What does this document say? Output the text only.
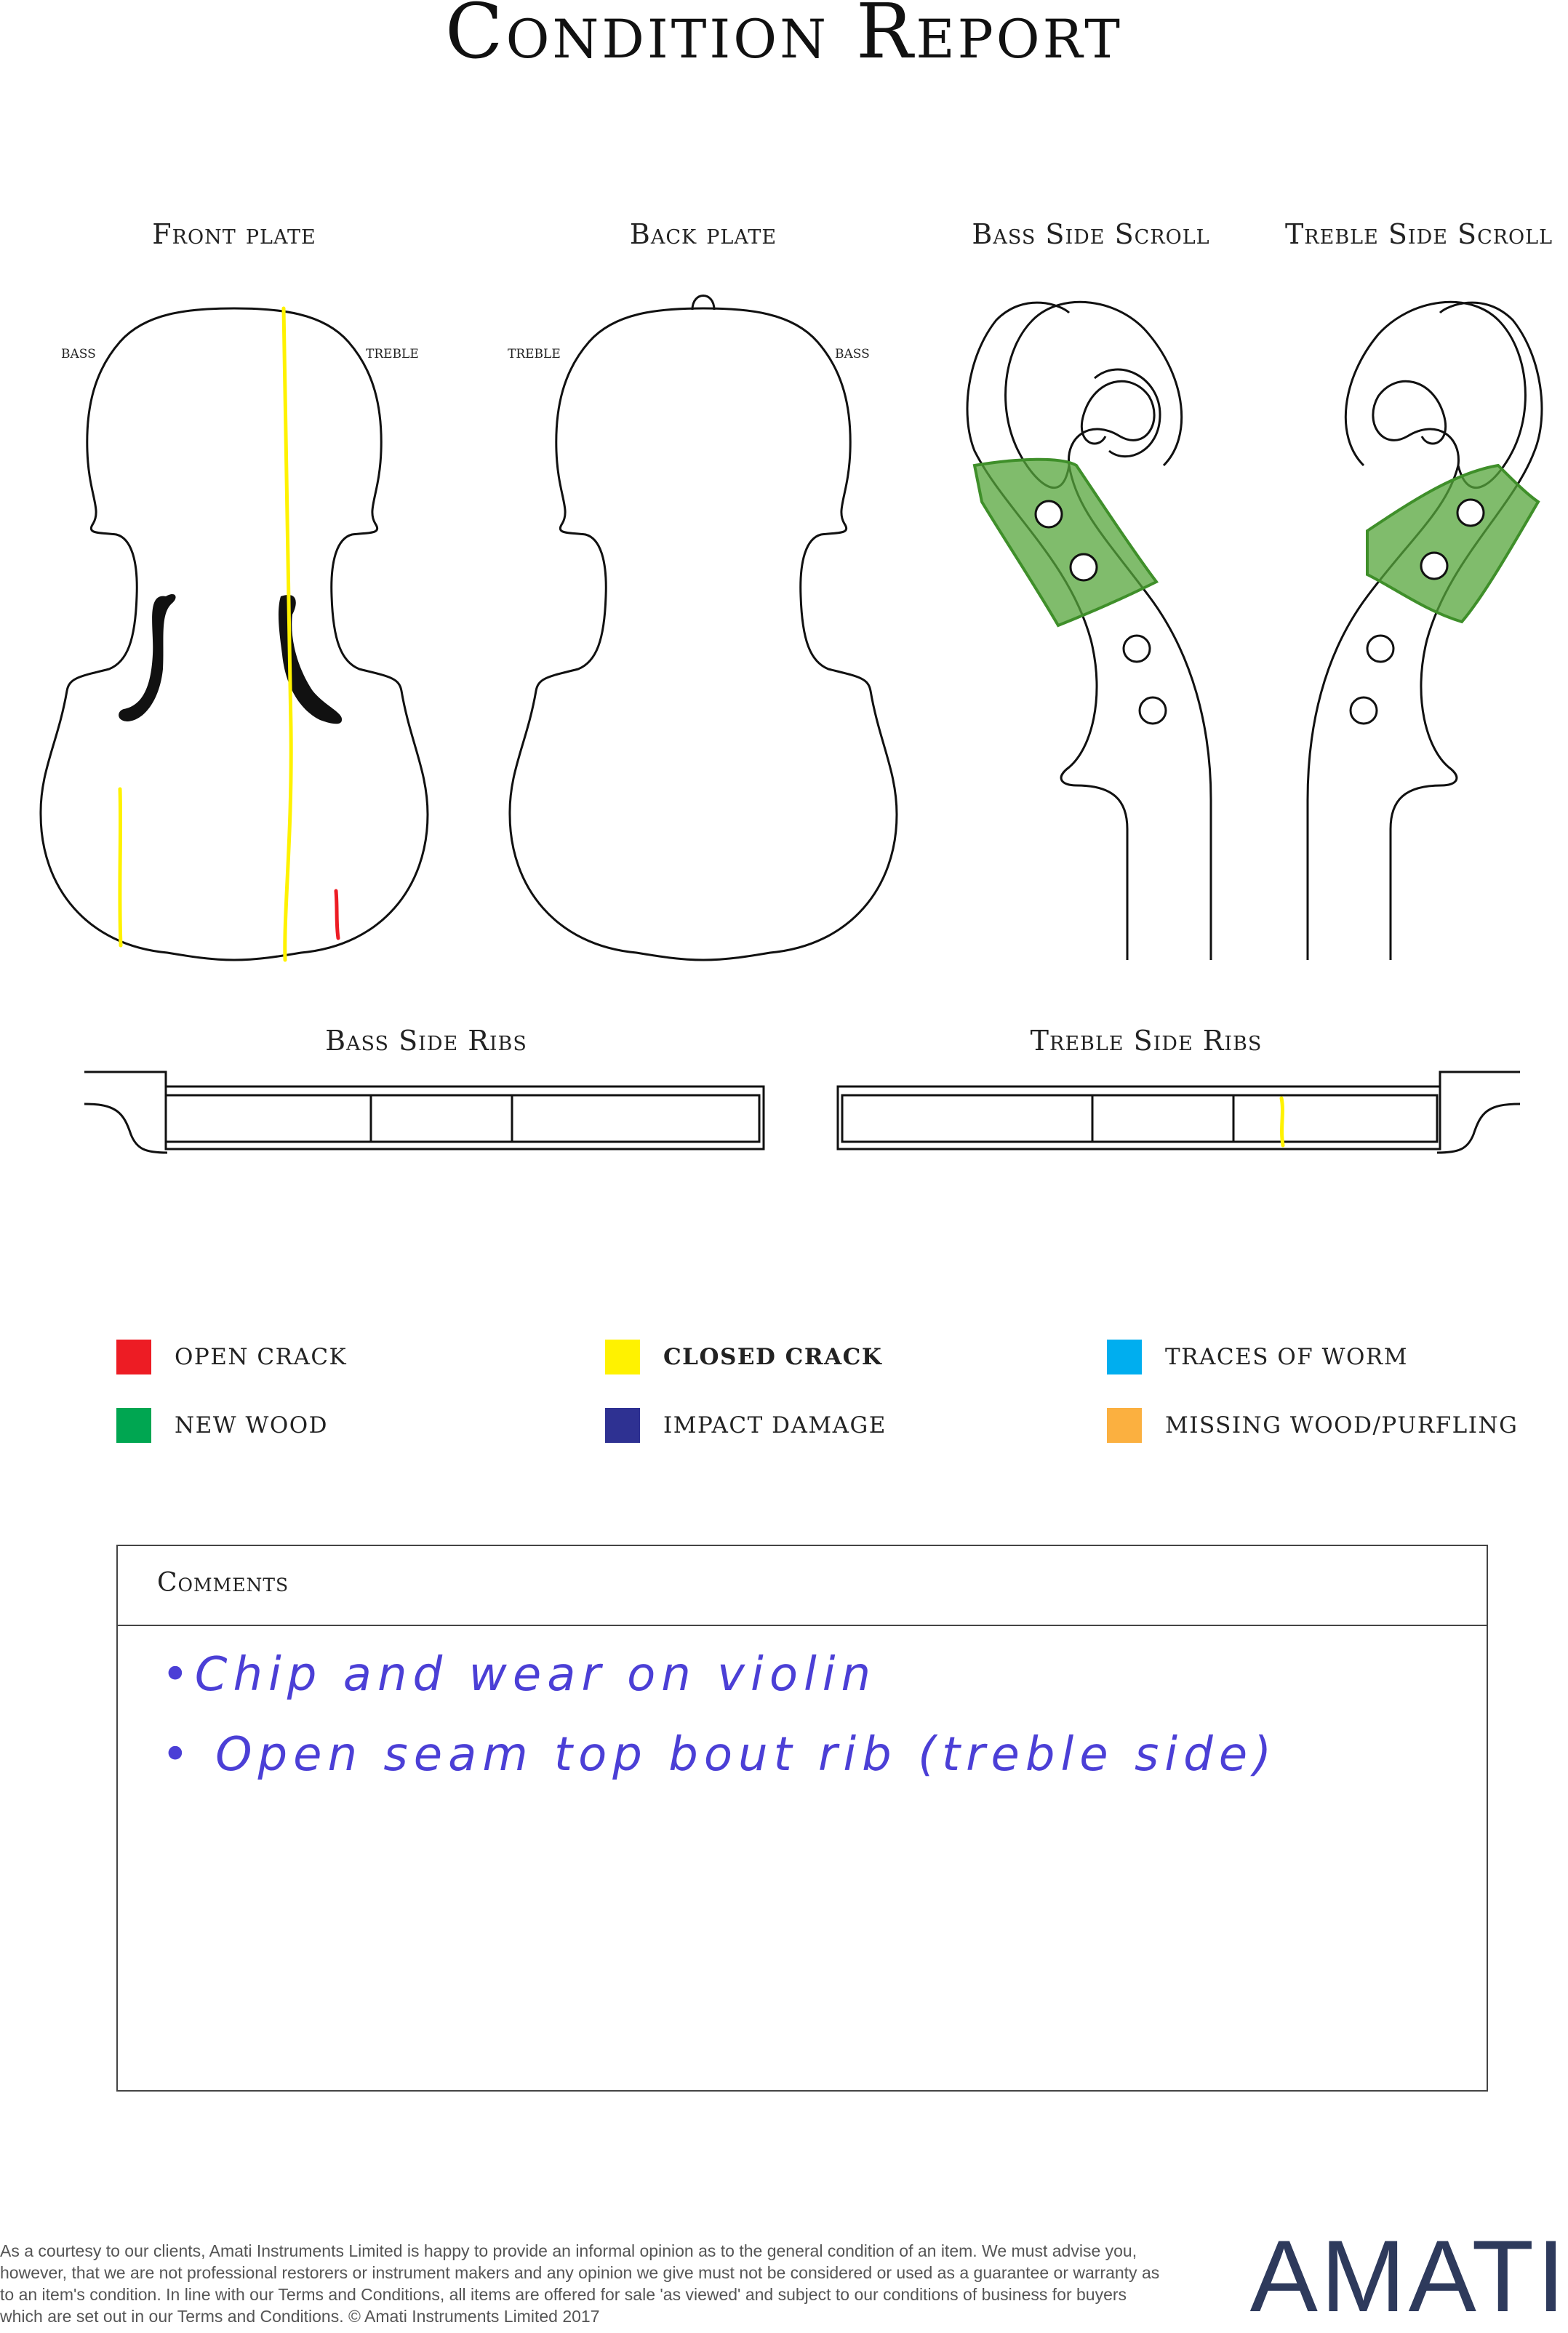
Condition Report
Front plate	Back plate	Bass Side Scroll	Treble Side Scroll
bass	treble	treble	bass
Bass Side Ribs	Treble Side Ribs
OPEN CRACK	CLOSED CRACK	TRACES OF WORM
NEW WOOD	IMPACT DAMAGE	MISSING WOOD/PURFLING
Comments
•Chip and wear on violin
• Open seam top bout rib (treble side)
As a courtesy to our clients, Amati Instruments Limited is happy to provide an informal opinion as to the general condition of an item. We must advise you, however, that we are not professional restorers or instrument makers and any opinion we give must not be considered or used as a guarantee or warranty as to an item's condition. In line with our Terms and Conditions, all items are offered for sale 'as viewed' and subject to our conditions of business for buyers which are set out in our Terms and Conditions. © Amati Instruments Limited 2017	AMATI
